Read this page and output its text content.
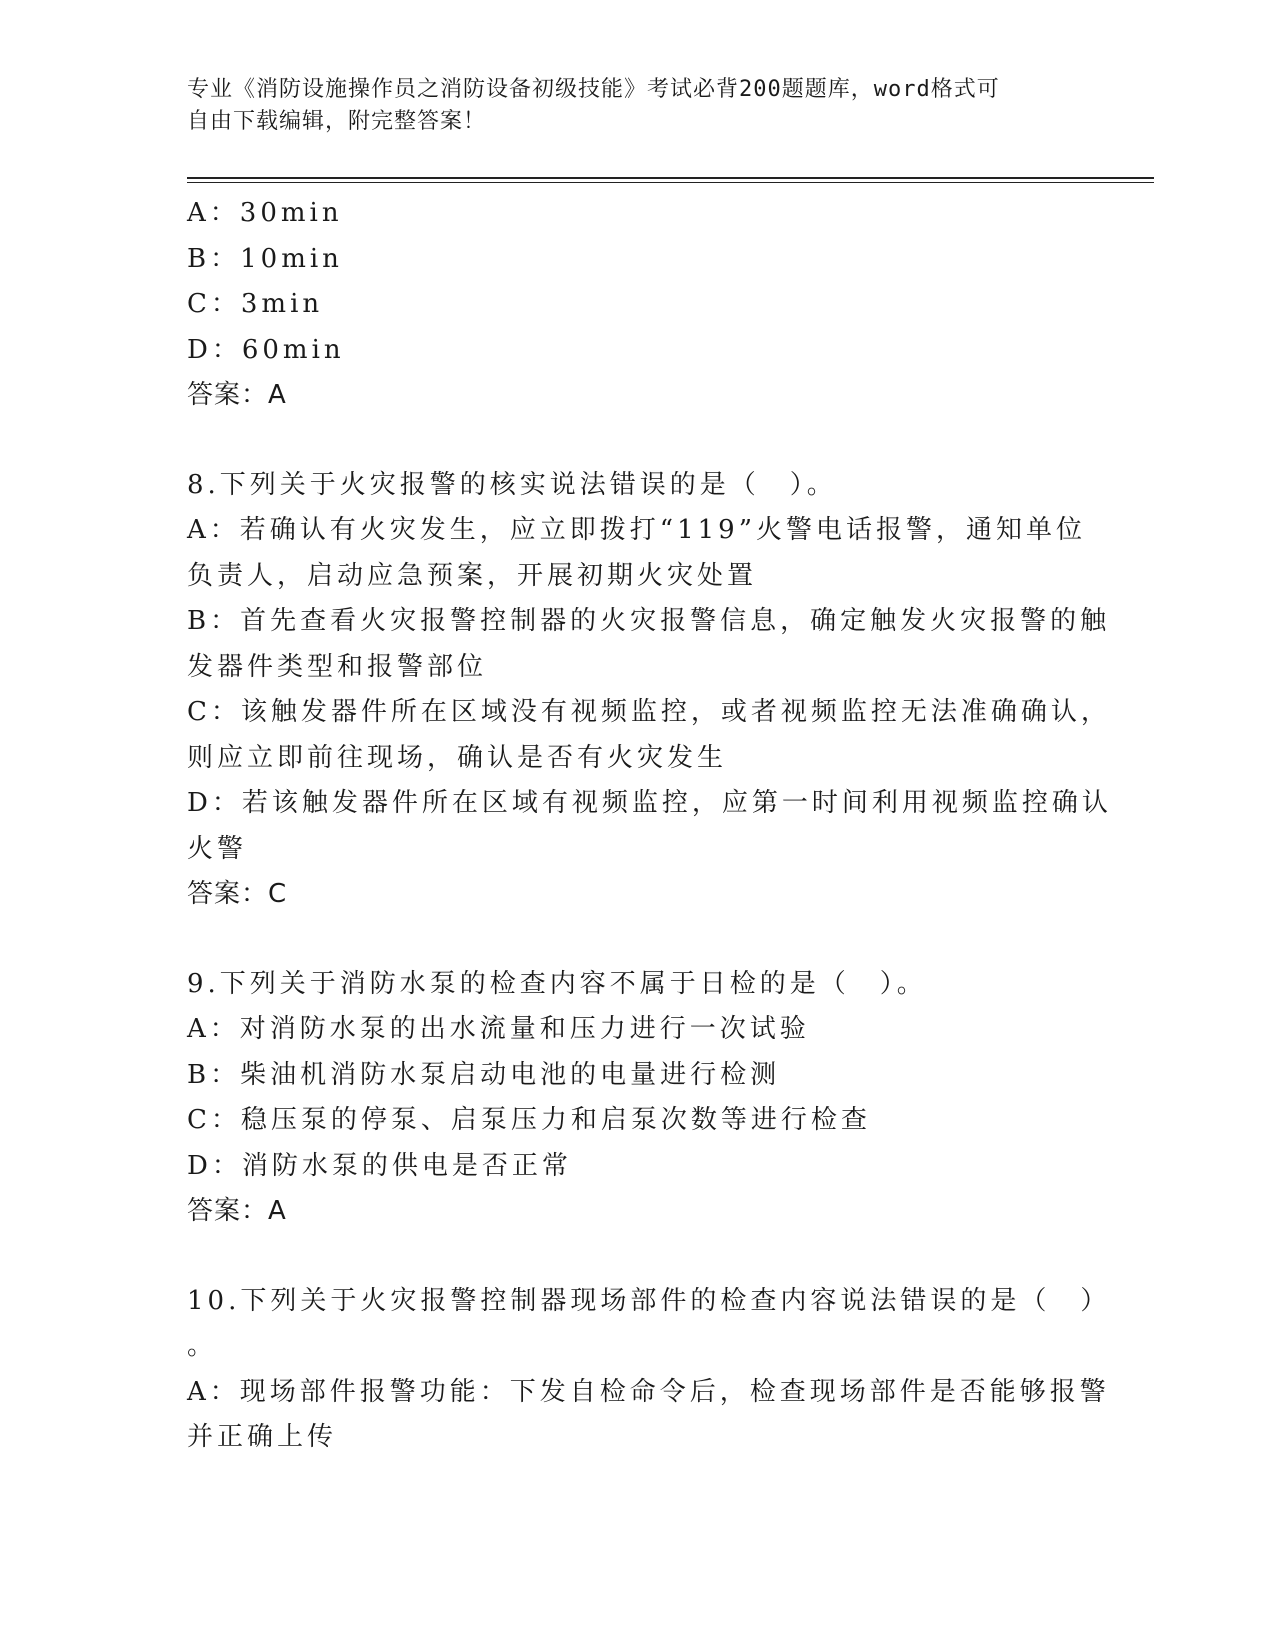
专业《消防设施操作员之消防设备初级技能》考试必背200题题库，word格式可
自由下载编辑，附完整答案！

A：30min

B：10min

C：3min

D：60min

答案：A

8.下列关于火灾报警的核实说法错误的是（　）。

A：若确认有火灾发生，应立即拨打“119”火警电话报警，通知单位

负责人，启动应急预案，开展初期火灾处置

B：首先查看火灾报警控制器的火灾报警信息，确定触发火灾报警的触

发器件类型和报警部位

C：该触发器件所在区域没有视频监控，或者视频监控无法准确确认，

则应立即前往现场，确认是否有火灾发生

D：若该触发器件所在区域有视频监控，应第一时间利用视频监控确认

火警

答案：C

9.下列关于消防水泵的检查内容不属于日检的是（　）。

A：对消防水泵的出水流量和压力进行一次试验

B：柴油机消防水泵启动电池的电量进行检测

C：稳压泵的停泵、启泵压力和启泵次数等进行检查

D：消防水泵的供电是否正常

答案：A

10.下列关于火灾报警控制器现场部件的检查内容说法错误的是（　）

。

A：现场部件报警功能：下发自检命令后，检查现场部件是否能够报警

并正确上传
